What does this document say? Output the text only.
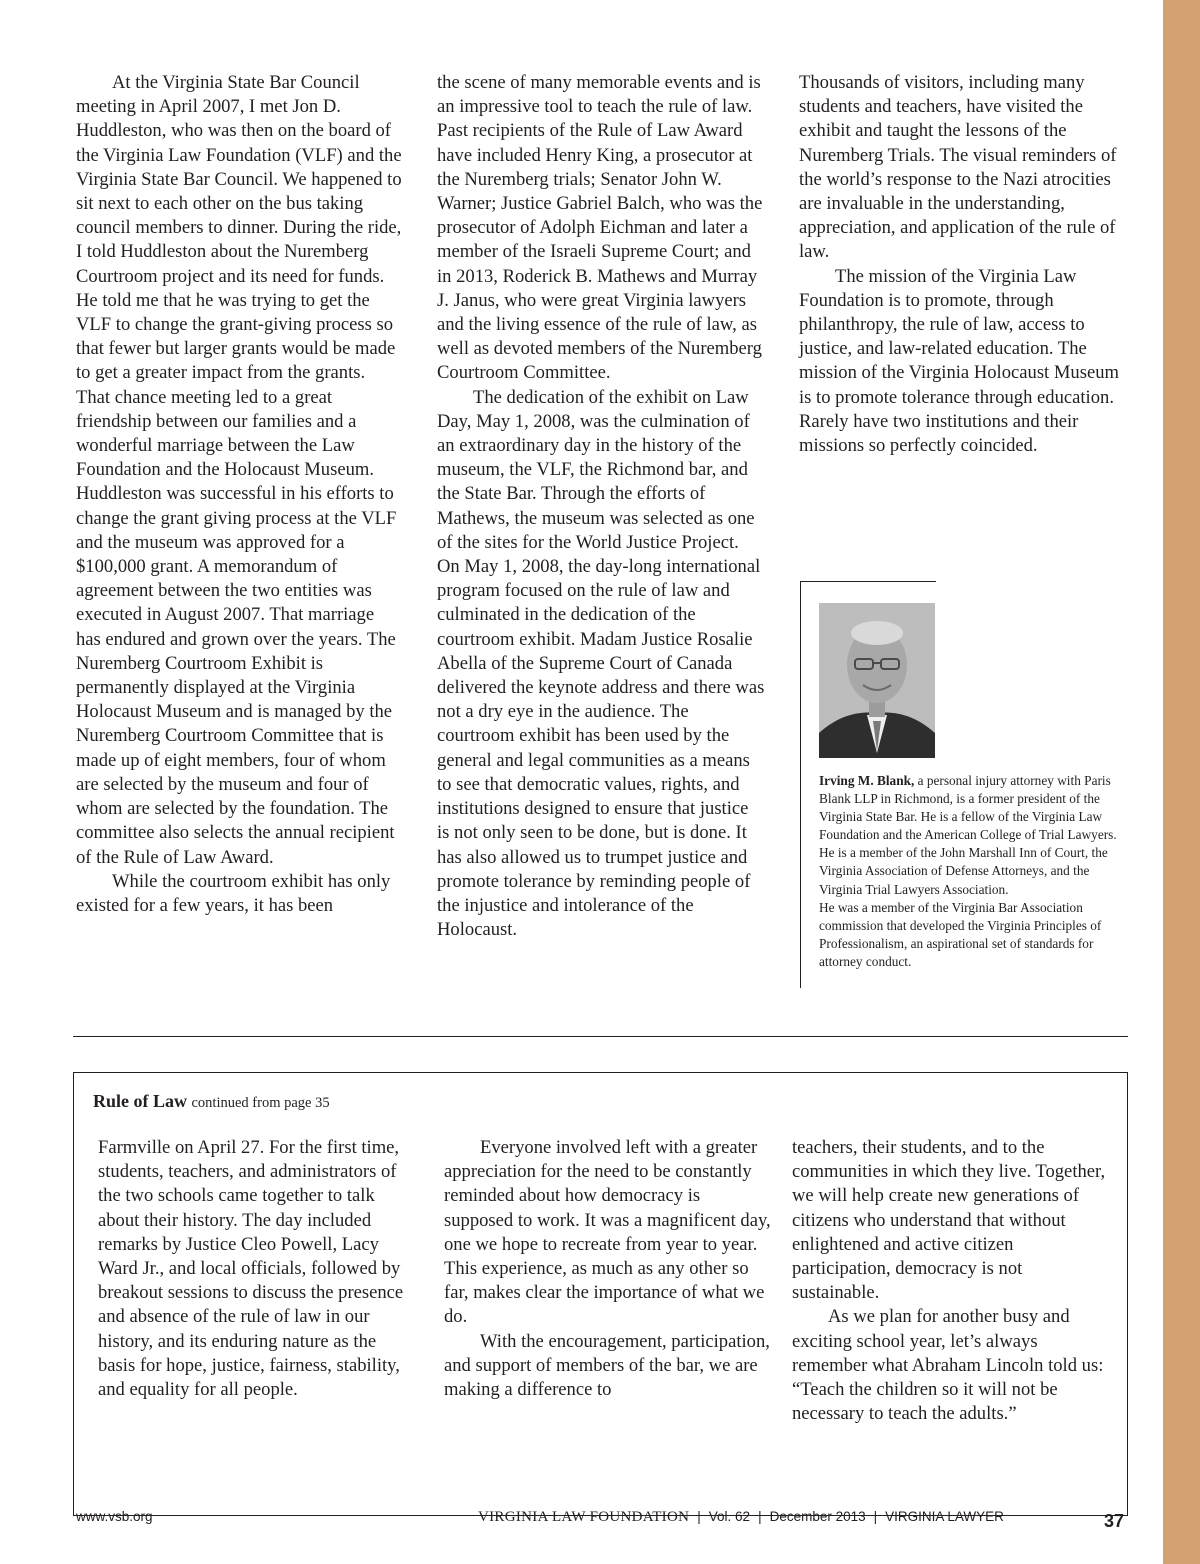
At the Virginia State Bar Council meeting in April 2007, I met Jon D. Huddleston, who was then on the board of the Virginia Law Foundation (VLF) and the Virginia State Bar Council. We happened to sit next to each other on the bus taking council members to dinner. During the ride, I told Huddleston about the Nuremberg Courtroom project and its need for funds. He told me that he was trying to get the VLF to change the grant-giving process so that fewer but larger grants would be made to get a greater impact from the grants. That chance meeting led to a great friendship between our families and a wonderful marriage between the Law Foundation and the Holocaust Museum. Huddleston was successful in his efforts to change the grant giving process at the VLF and the museum was approved for a $100,000 grant. A memorandum of agreement between the two entities was executed in August 2007. That marriage has endured and grown over the years. The Nuremberg Courtroom Exhibit is permanently displayed at the Virginia Holocaust Museum and is managed by the Nuremberg Courtroom Committee that is made up of eight members, four of whom are selected by the museum and four of whom are selected by the foundation. The committee also selects the annual recipient of the Rule of Law Award.

While the courtroom exhibit has only existed for a few years, it has been

the scene of many memorable events and is an impressive tool to teach the rule of law. Past recipients of the Rule of Law Award have included Henry King, a prosecutor at the Nuremberg trials; Senator John W. Warner; Justice Gabriel Balch, who was the prosecutor of Adolph Eichman and later a member of the Israeli Supreme Court; and in 2013, Roderick B. Mathews and Murray J. Janus, who were great Virginia lawyers and the living essence of the rule of law, as well as devoted members of the Nuremberg Courtroom Committee.

The dedication of the exhibit on Law Day, May 1, 2008, was the culmination of an extraordinary day in the history of the museum, the VLF, the Richmond bar, and the State Bar. Through the efforts of Mathews, the museum was selected as one of the sites for the World Justice Project. On May 1, 2008, the day-long international program focused on the rule of law and culminated in the dedication of the courtroom exhibit. Madam Justice Rosalie Abella of the Supreme Court of Canada delivered the keynote address and there was not a dry eye in the audience. The courtroom exhibit has been used by the general and legal communities as a means to see that democratic values, rights, and institutions designed to ensure that justice is not only seen to be done, but is done. It has also allowed us to trumpet justice and promote tolerance by reminding people of the injustice and intolerance of the Holocaust.

Thousands of visitors, including many students and teachers, have visited the exhibit and taught the lessons of the Nuremberg Trials. The visual reminders of the world’s response to the Nazi atrocities are invaluable in the understanding, appreciation, and application of the rule of law.

The mission of the Virginia Law Foundation is to promote, through philanthropy, the rule of law, access to justice, and law-related education. The mission of the Virginia Holocaust Museum is to promote tolerance through education. Rarely have two institutions and their missions so perfectly coincided.

Irving M. Blank, a personal injury attorney with Paris Blank LLP in Richmond, is a former president of the Virginia State Bar. He is a fellow of the Virginia Law Foundation and the American College of Trial Lawyers. He is a member of the John Marshall Inn of Court, the Virginia Association of Defense Attorneys, and the Virginia Trial Lawyers Association.
He was a member of the Virginia Bar Association commission that developed the Virginia Principles of Professionalism, an aspirational set of standards for attorney conduct.
Rule of Law continued from page 35

Farmville on April 27. For the first time, students, teachers, and administrators of the two schools came together to talk about their history. The day included remarks by Justice Cleo Powell, Lacy Ward Jr., and local officials, followed by breakout sessions to discuss the presence and absence of the rule of law in our history, and its enduring nature as the basis for hope, justice, fairness, stability, and equality for all people.

Everyone involved left with a greater appreciation for the need to be constantly reminded about how democracy is supposed to work. It was a magnificent day, one we hope to recreate from year to year. This experience, as much as any other so far, makes clear the importance of what we do.

With the encouragement, participation, and support of members of the bar, we are making a difference to

teachers, their students, and to the communities in which they live. Together, we will help create new generations of citizens who understand that without enlightened and active citizen participation, democracy is not sustainable.

As we plan for another busy and exciting school year, let’s always remember what Abraham Lincoln told us: “Teach the children so it will not be necessary to teach the adults.”

www.vsb.org	VIRGINIA LAW FOUNDATION | Vol. 62 | December 2013 | VIRGINIA LAWYER	37
